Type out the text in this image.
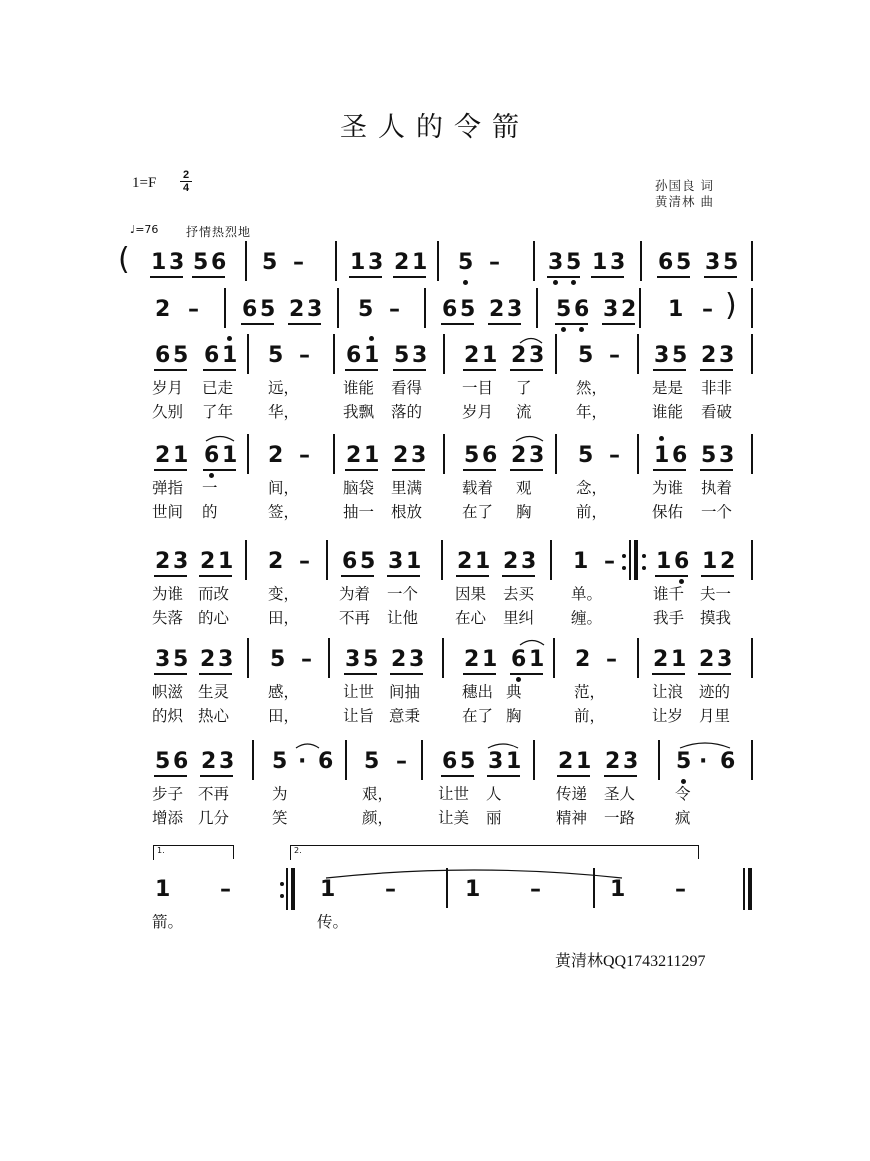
圣人的令箭
$1=F \frac{2}{4}$	孙国良 词
黄清林 曲
♩=76 抒情热烈地
1 3 5 6 5 – 1 3 2 1 5 – 3 5 1 3 6 5 3 5
2 – 6 5 2 3 5 – 6 5 2 3 5 6 3 2 1 –
6 5 6 1 5 – 6 1 5 3 2 1 2 3 5 – 3 5 2 3
岁月 已走 远，	谁能 看得	一目 了	然，	是是 非非
久别 了年 华，	我飘 落的	岁月 流	年，	谁能 看破
2 1 6 1 2 – 2 1 2 3 5 6 2 3 5 – 1 6 5 3
弹指 一	间，	脑袋 里满	载着 观	念，	为谁 执着
世间 的	签，	抽一 根放	在了 胸	前，	保佑 一个
2 3 2 1 2 – 6 5 3 1 2 1 2 3 1 – 1 6 1 2
为谁 而改	变，	为着 一个 因果 去买 单。	谁千 夫一
失落 的心	田，	不再 让他 在心 里纠 缠。	我手 摸我
3 5 2 3 5 – 3 5 2 3 2 1 6 1 2 – 2 1 2 3
帜滋 生灵	感，	让世 间抽	穗出 典	范，	让浪 迹的
的炽 热心	田，	让旨 意秉	在了 胸	前，	让岁 月里
5 6 2 3 5 · 6 5 – 6 5 3 1 2 1 2 3 5 · 6
步子 不再	为	艰，	让世 人	传递 圣人	令
增添 几分	笑	颜，	让美 丽	精神 一路	疯
1 –	1 –	1 –	1 –
箭。	传。
(
)
1.	2.
黄清林QQ1743211297
